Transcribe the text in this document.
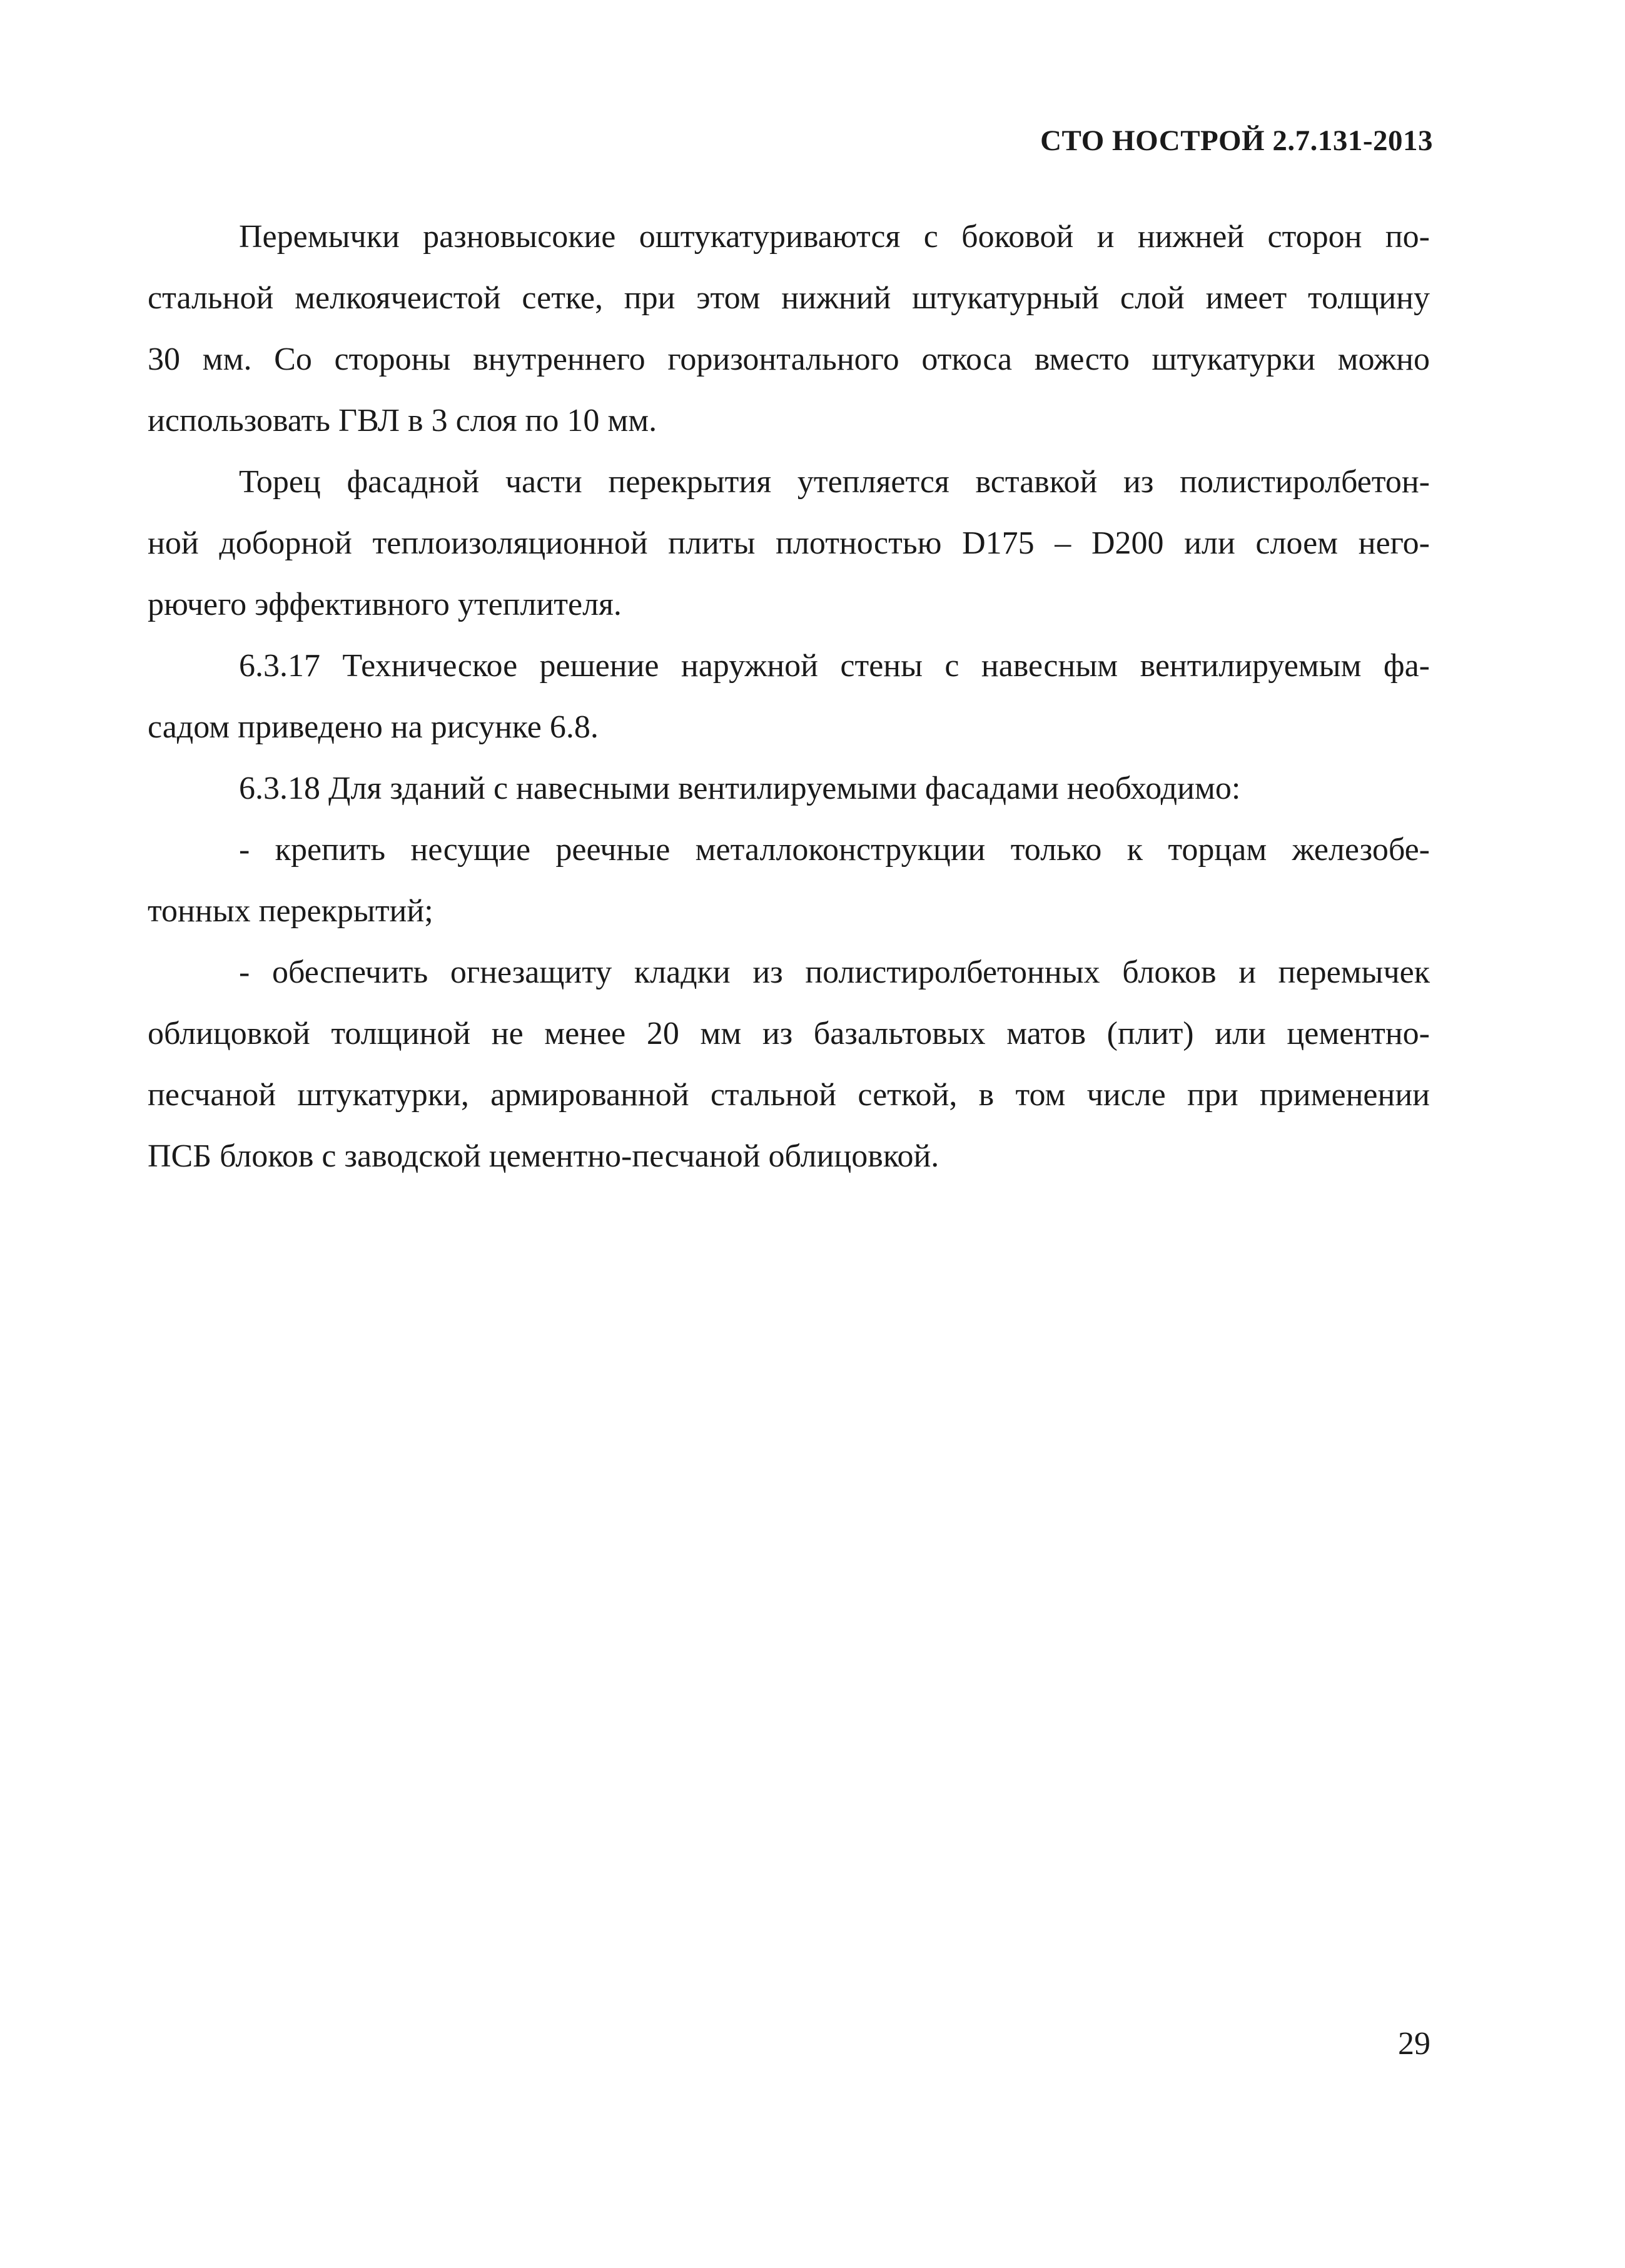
СТО НОСТРОЙ 2.7.131-2013

Перемычки разновысокие оштукатуриваются с боковой и нижней сторон по-
стальной мелкоячеистой сетке, при этом нижний штукатурный слой имеет толщину
30 мм. Со стороны внутреннего горизонтального откоса вместо штукатурки можно
использовать ГВЛ в 3 слоя по 10 мм.

Торец фасадной части перекрытия утепляется вставкой из полистиролбетон-
ной доборной теплоизоляционной плиты плотностью D175 – D200 или слоем него-
рючего эффективного утеплителя.

6.3.17 Техническое решение наружной стены с навесным вентилируемым фа-
садом приведено на рисунке 6.8.

6.3.18 Для зданий с навесными вентилируемыми фасадами необходимо:

- крепить несущие реечные металлоконструкции только к торцам железобе-
тонных перекрытий;

- обеспечить огнезащиту кладки из полистиролбетонных блоков и перемычек
облицовкой толщиной не менее 20 мм из базальтовых матов (плит) или цементно-
песчаной штукатурки, армированной стальной сеткой, в том числе при применении
ПСБ блоков с заводской цементно-песчаной облицовкой.

29
